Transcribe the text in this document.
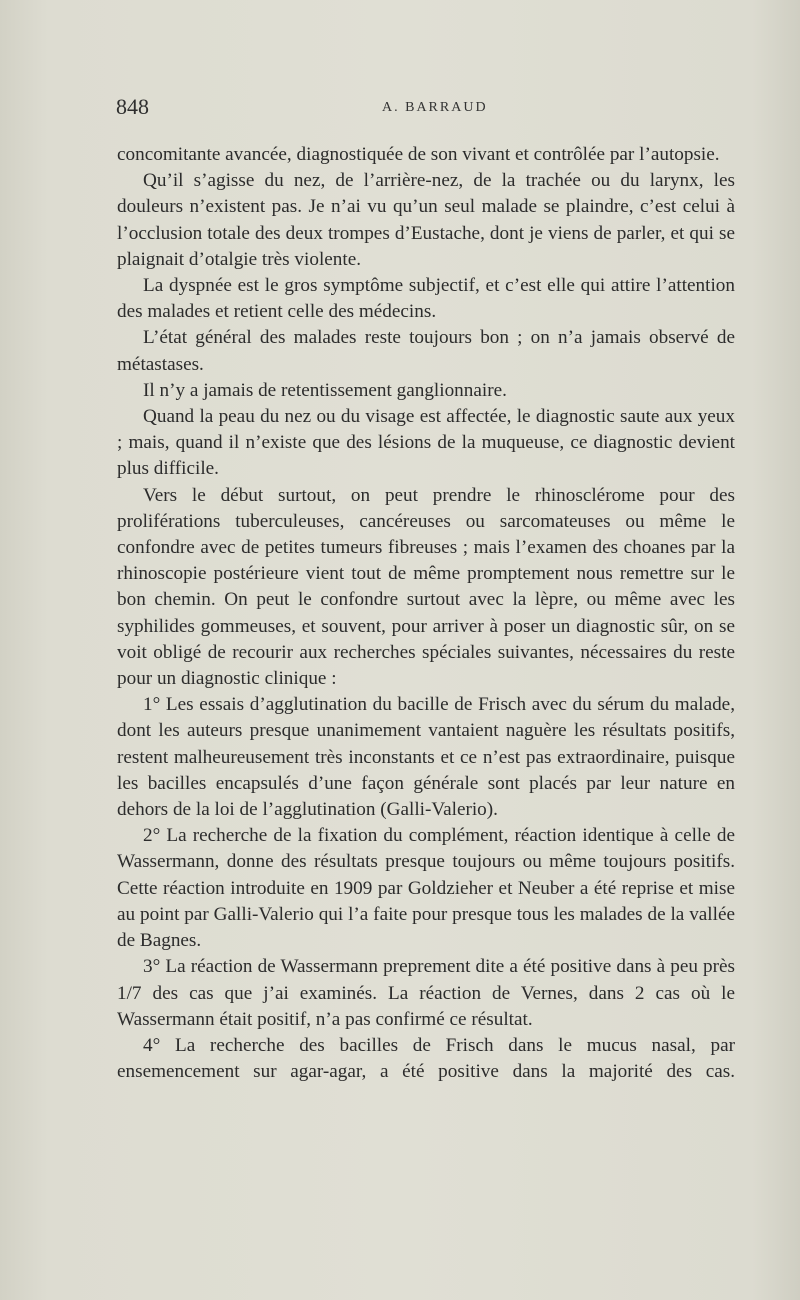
848	A. BARRAUD

concomitante avancée, diagnostiquée de son vivant et contrôlée par l’autopsie.

Qu’il s’agisse du nez, de l’arrière-nez, de la trachée ou du larynx, les douleurs n’existent pas. Je n’ai vu qu’un seul malade se plaindre, c’est celui à l’occlusion totale des deux trompes d’Eustache, dont je viens de parler, et qui se plaignait d’otalgie très violente.

La dyspnée est le gros symptôme subjectif, et c’est elle qui attire l’attention des malades et retient celle des médecins.

L’état général des malades reste toujours bon ; on n’a jamais observé de métastases.

Il n’y a jamais de retentissement ganglionnaire.

Quand la peau du nez ou du visage est affectée, le diagnostic saute aux yeux ; mais, quand il n’existe que des lésions de la muqueuse, ce diagnostic devient plus difficile.

Vers le début surtout, on peut prendre le rhinosclérome pour des proliférations tuberculeuses, cancéreuses ou sarcomateuses ou même le confondre avec de petites tumeurs fibreuses ; mais l’examen des choanes par la rhinoscopie postérieure vient tout de même promptement nous remettre sur le bon chemin. On peut le confondre surtout avec la lèpre, ou même avec les syphilides gommeuses, et souvent, pour arriver à poser un diagnostic sûr, on se voit obligé de recourir aux recherches spéciales suivantes, nécessaires du reste pour un diagnostic clinique :

1° Les essais d’agglutination du bacille de Frisch avec du sérum du malade, dont les auteurs presque unanimement vantaient naguère les résultats positifs, restent malheureusement très inconstants et ce n’est pas extraordinaire, puisque les bacilles encapsulés d’une façon générale sont placés par leur nature en dehors de la loi de l’agglutination (Galli-Valerio).

2° La recherche de la fixation du complément, réaction identique à celle de Wassermann, donne des résultats presque toujours ou même toujours positifs. Cette réaction introduite en 1909 par Goldzieher et Neuber a été reprise et mise au point par Galli-Valerio qui l’a faite pour presque tous les malades de la vallée de Bagnes.

3° La réaction de Wassermann preprement dite a été positive dans à peu près 1/7 des cas que j’ai examinés. La réaction de Vernes, dans 2 cas où le Wassermann était positif, n’a pas confirmé ce résultat.

4° La recherche des bacilles de Frisch dans le mucus nasal, par ensemencement sur agar-agar, a été positive dans la majorité des cas.
